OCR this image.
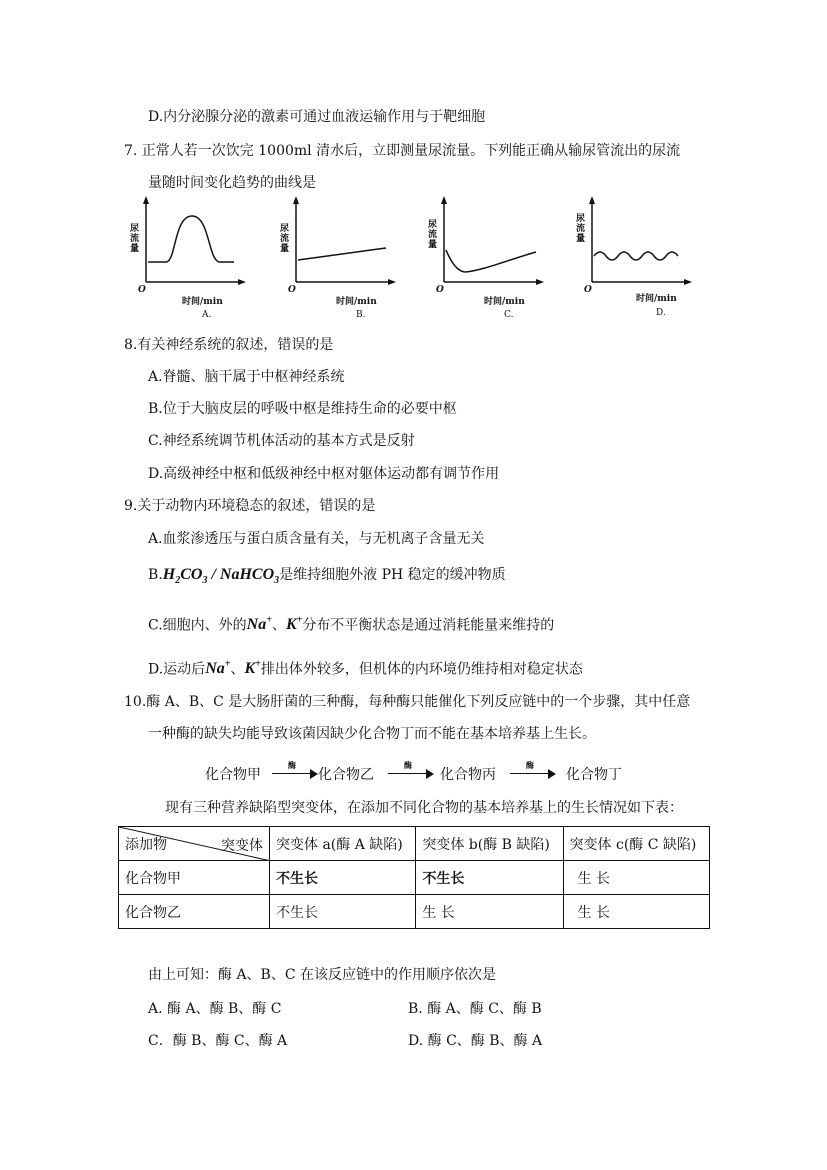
D.内分泌腺分泌的激素可通过血液运输作用与于靶细胞
7. 正常人若一次饮完 1000ml 清水后，立即测量尿流量。下列能正确从输尿管流出的尿流
量随时间变化趋势的曲线是
尿流量
O
时间/min
A.
尿流量
O
时间/min
B.
尿流量
O
时间/min
C.
尿流量
O
时间/min
D.
8.有关神经系统的叙述，错误的是
A.脊髓、脑干属于中枢神经系统
B.位于大脑皮层的呼吸中枢是维持生命的必要中枢
C.神经系统调节机体活动的基本方式是反射
D.高级神经中枢和低级神经中枢对躯体运动都有调节作用
9.关于动物内环境稳态的叙述，错误的是
A.血浆渗透压与蛋白质含量有关，与无机离子含量无关
$B.H_2CO_3$ / NaHCO$_3$是维持细胞外液 PH 稳定的缓冲物质
C.细胞内、外的Na+、K+分布不平衡状态是通过消耗能量来维持的
D.运动后Na+、K+排出体外较多，但机体的内环境仍维持相对稳定状态
10.酶 A、B、C 是大肠肝菌的三种酶，每种酶只能催化下列反应链中的一个步骤，其中任意
一种酶的缺失均能导致该菌因缺少化合物丁而不能在基本培养基上生长。
化合物甲
酶
化合物乙
酶
化合物丙
酶
化合物丁
现有三种营养缺陷型突变体，在添加不同化合物的基本培养基上的生长情况如下表：
添加物 突变体	突变体 a(酶 A 缺陷)	突变体 b(酶 B 缺陷)	突变体 c(酶 C 缺陷)
化合物甲	不生长	不生长	生 长
化合物乙	不生长	生 长	生 长
由上可知：酶 A、B、C 在该反应链中的作用顺序依次是
A. 酶 A、酶 B、酶 C	B. 酶 A、酶 C、酶 B
C．酶 B、酶 C、酶 A	D. 酶 C、酶 B、酶 A
